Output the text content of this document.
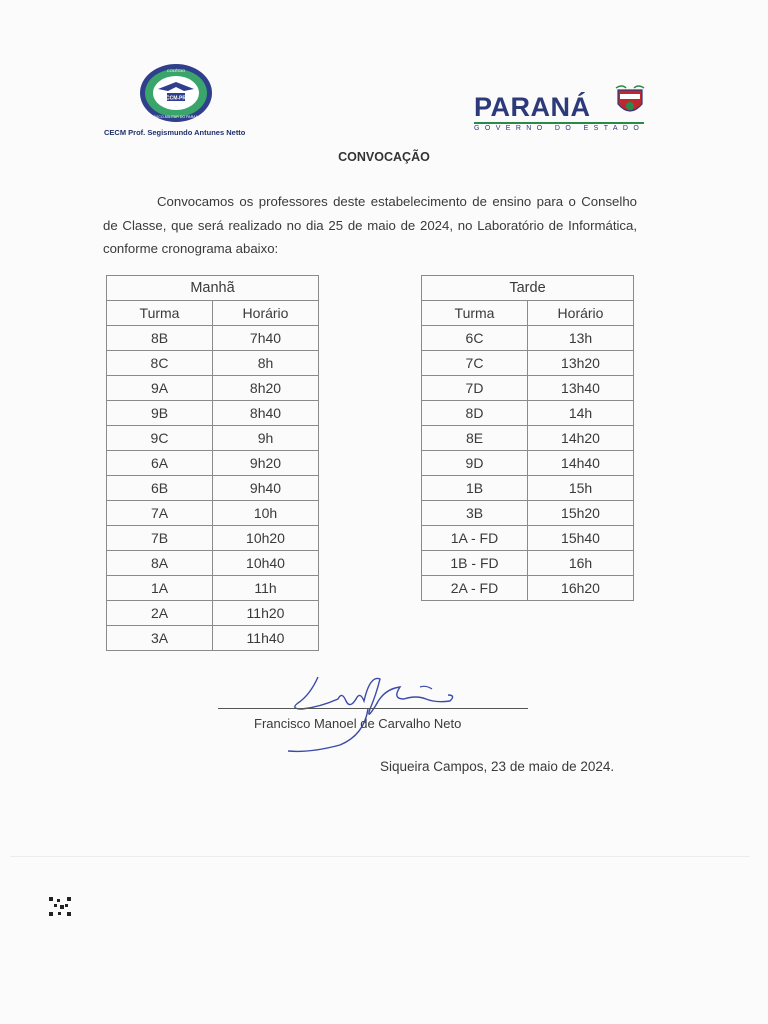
CCM-PR
COLÉGIO
CÍVICO-MILITAR DO PARANÁ
CECM Prof. Segismundo Antunes Netto
PARANÁ
GOVERNO DO ESTADO
CONVOCAÇÃO
Convocamos os professores deste estabelecimento de ensino para o Conselho de Classe, que será realizado no dia 25 de maio de 2024, no Laboratório de Informática, conforme cronograma abaixo:
Manhã	
Turma	Horário
8B	7h40
8C	8h
9A	8h20
9B	8h40
9C	9h
6A	9h20
6B	9h40
7A	10h
7B	10h20
8A	10h40
1A	11h
2A	11h20
3A	11h40
Tarde	
Turma	Horário
6C	13h
7C	13h20
7D	13h40
8D	14h
8E	14h20
9D	14h40
1B	15h
3B	15h20
1A - FD	15h40
1B - FD	16h
2A - FD	16h20
Francisco Manoel de Carvalho Neto
Siqueira Campos, 23 de maio de 2024.
